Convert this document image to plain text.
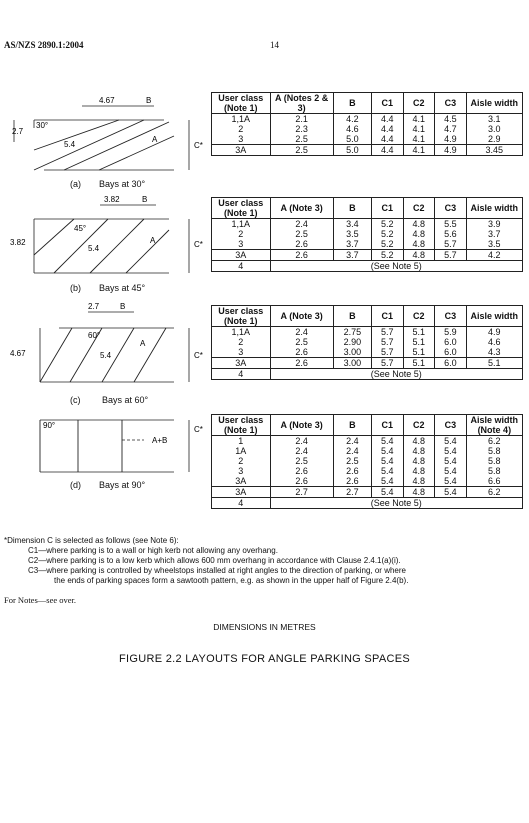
AS/NZS 2890.1:2004	14
4.67	B
2.7
30°
5.4
A
C*
(a) Bays at 30°
3.82	B
3.82
45°
5.4
A	C*
(b) Bays at 45°
2.7	B
4.67
60°
5.4
A
C*
(c) Bays at 60°
90°
A+B
C*
(d) Bays at 90°
User class (Note 1)	A (Notes 2 & 3)	B	C1	C2	C3	Aisle width
1,1A	2.1	4.2	4.4	4.1	4.5	3.1
2	2.3	4.6	4.4	4.1	4.7	3.0
3	2.5	5.0	4.4	4.1	4.9	2.9
3A	2.5	5.0	4.4	4.1	4.9	3.45
User class (Note 1)	A (Note 3)	B	C1	C2	C3	Aisle width
1,1A	2.4	3.4	5.2	4.8	5.5	3.9
2	2.5	3.5	5.2	4.8	5.6	3.7
3	2.6	3.7	5.2	4.8	5.7	3.5
3A	2.6	3.7	5.2	4.8	5.7	4.2
4	(See Note 5)					
User class (Note 1)	A (Note 3)	B	C1	C2	C3	Aisle width
1,1A	2.4	2.75	5.7	5.1	5.9	4.9
2	2.5	2.90	5.7	5.1	6.0	4.6
3	2.6	3.00	5.7	5.1	6.0	4.3
3A	2.6	3.00	5.7	5.1	6.0	5.1
4	(See Note 5)					
User class (Note 1)	A (Note 3)	B	C1	C2	C3	Aisle width (Note 4)
1	2.4	2.4	5.4	4.8	5.4	6.2
1A	2.4	2.4	5.4	4.8	5.4	5.8
2	2.5	2.5	5.4	4.8	5.4	5.8
3	2.6	2.6	5.4	4.8	5.4	5.8
3A	2.6	2.6	5.4	4.8	5.4	6.6
3A	2.7	2.7	5.4	4.8	5.4	6.2
4	(See Note 5)					
*Dimension C is selected as follows (see Note 6):
C1—where parking is to a wall or high kerb not allowing any overhang.
C2—where parking is to a low kerb which allows 600 mm overhang in accordance with Clause 2.4.1(a)(i).
C3—where parking is controlled by wheelstops installed at right angles to the direction of parking, or where
the ends of parking spaces form a sawtooth pattern, e.g. as shown in the upper half of Figure 2.4(b).
For Notes—see over.
DIMENSIONS IN METRES
FIGURE 2.2 LAYOUTS FOR ANGLE PARKING SPACES
